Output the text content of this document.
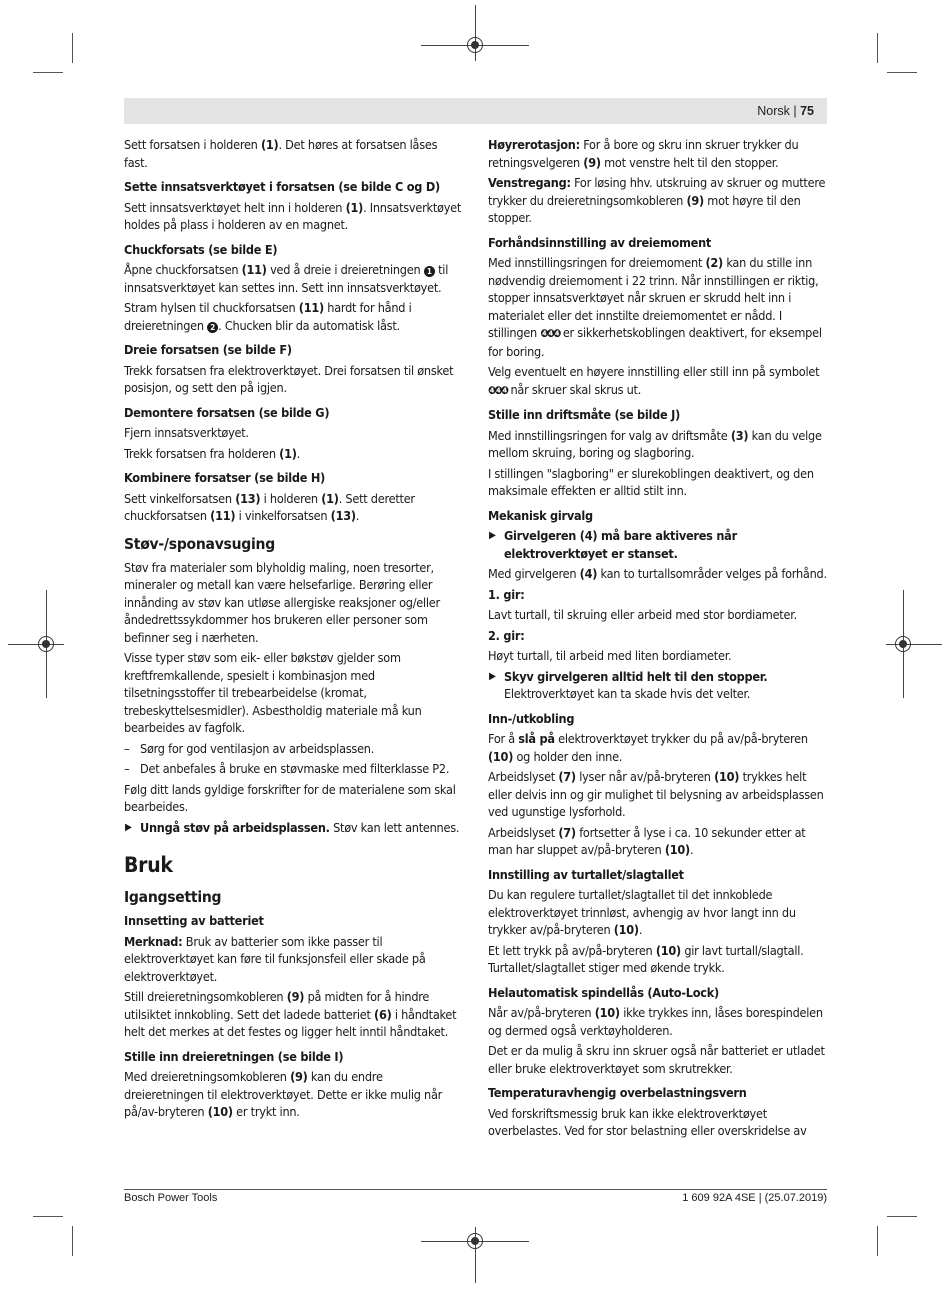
Norsk | 75

Sett forsatsen i holderen (1). Det høres at forsatsen låses fast.

Sette innsatsverktøyet i forsatsen (se bilde C og D)

Sett innsatsverktøyet helt inn i holderen (1). Innsatsverktøyet holdes på plass i holderen av en magnet.

Chuckforsats (se bilde E)

Åpne chuckforsatsen (11) ved å dreie i dreieretningen 1 til innsatsverktøyet kan settes inn. Sett inn innsatsverktøyet.

Stram hylsen til chuckforsatsen (11) hardt for hånd i dreieretningen 2 . Chucken blir da automatisk låst.

Dreie forsatsen (se bilde F)

Trekk forsatsen fra elektroverktøyet. Drei forsatsen til ønsket posisjon, og sett den på igjen.

Demontere forsatsen (se bilde G)

Fjern innsatsverktøyet.

Trekk forsatsen fra holderen (1).

Kombinere forsatser (se bilde H)

Sett vinkelforsatsen (13) i holderen (1). Sett deretter chuckforsatsen (11) i vinkelforsatsen (13).

Støv-/sponavsuging

Støv fra materialer som blyholdig maling, noen tresorter, mineraler og metall kan være helsefarlige. Berøring eller innånding av støv kan utløse allergiske reaksjoner og/eller åndedrettssykdommer hos brukeren eller personer som befinner seg i nærheten.

Visse typer støv som eik- eller bøkstøv gjelder som kreftfremkallende, spesielt i kombinasjon med tilsetningsstoffer til trebearbeidelse (kromat, trebeskyttelsesmidler). Asbestholdig materiale må kun bearbeides av fagfolk.

– Sørg for god ventilasjon av arbeidsplassen.
– Det anbefales å bruke en støvmaske med filterklasse P2.

Følg ditt lands gyldige forskrifter for de materialene som skal bearbeides.

▶ Unngå støv på arbeidsplassen. Støv kan lett antennes.
Bruk
Igangsetting
Innsetting av batteriet

Merknad: Bruk av batterier som ikke passer til elektroverktøyet kan føre til funksjonsfeil eller skade på elektroverktøyet.

Still dreieretningsomkobleren (9) på midten for å hindre utilsiktet innkobling. Sett det ladede batteriet (6) i håndtaket helt det merkes at det festes og ligger helt inntil håndtaket.

Stille inn dreieretningen (se bilde I)

Med dreieretningsomkobleren (9) kan du endre dreieretningen til elektroverktøyet. Dette er ikke mulig når på/av-bryteren (10) er trykt inn.

Høyrerotasjon: For å bore og skru inn skruer trykker du retningsvelgeren (9) mot venstre helt til den stopper.

Venstregang: For løsing hhv. utskruing av skruer og muttere trykker du dreieretningsomkobleren (9) mot høyre til den stopper.

Forhåndsinnstilling av dreiemoment

Med innstillingsringen for dreiemoment (2) kan du stille inn nødvendig dreiemoment i 22 trinn. Når innstillingen er riktig, stopper innsatsverktøyet når skruen er skrudd helt inn i materialet eller det innstilte dreiemomentet er nådd. I stillingen ❹❹❹ er sikkerhetskoblingen deaktivert, for eksempel for boring.

Velg eventuelt en høyere innstilling eller still inn på symbolet ❹❹❹ når skruer skal skrus ut.

Stille inn driftsmåte (se bilde J)

Med innstillingsringen for valg av driftsmåte (3) kan du velge mellom skruing, boring og slagboring.

I stillingen "slagboring" er slurekoblingen deaktivert, og den maksimale effekten er alltid stilt inn.

Mekanisk girvalg
▶ Girvelgeren (4) må bare aktiveres når elektroverktøyet er stanset.

Med girvelgeren (4) kan to turtallsområder velges på forhånd.

1. gir:

Lavt turtall, til skruing eller arbeid med stor bordiameter.

2. gir:

Høyt turtall, til arbeid med liten bordiameter.

▶ Skyv girvelgeren alltid helt til den stopper.
Elektroverktøyet kan ta skade hvis det velter.
Inn-/utkobling

For å slå på elektroverktøyet trykker du på av/på-bryteren (10) og holder den inne.

Arbeidslyset (7) lyser når av/på-bryteren (10) trykkes helt eller delvis inn og gir mulighet til belysning av arbeidsplassen ved ugunstige lysforhold.

Arbeidslyset (7) fortsetter å lyse i ca. 10 sekunder etter at man har sluppet av/på-bryteren (10).

Innstilling av turtallet/slagtallet

Du kan regulere turtallet/slagtallet til det innkoblede elektroverktøyet trinnløst, avhengig av hvor langt inn du trykker av/på-bryteren (10).

Et lett trykk på av/på-bryteren (10) gir lavt turtall/slagtall. Turtallet/slagtallet stiger med økende trykk.

Helautomatisk spindellås (Auto-Lock)

Når av/på-bryteren (10) ikke trykkes inn, låses borespindelen og dermed også verktøyholderen.

Det er da mulig å skru inn skruer også når batteriet er utladet eller bruke elektroverktøyet som skrutrekker.

Temperaturavhengig overbelastningsvern

Ved forskriftsmessig bruk kan ikke elektroverktøyet overbelastes. Ved for stor belastning eller overskridelse av

Bosch Power Tools	1 609 92A 4SE | (25.07.2019)
